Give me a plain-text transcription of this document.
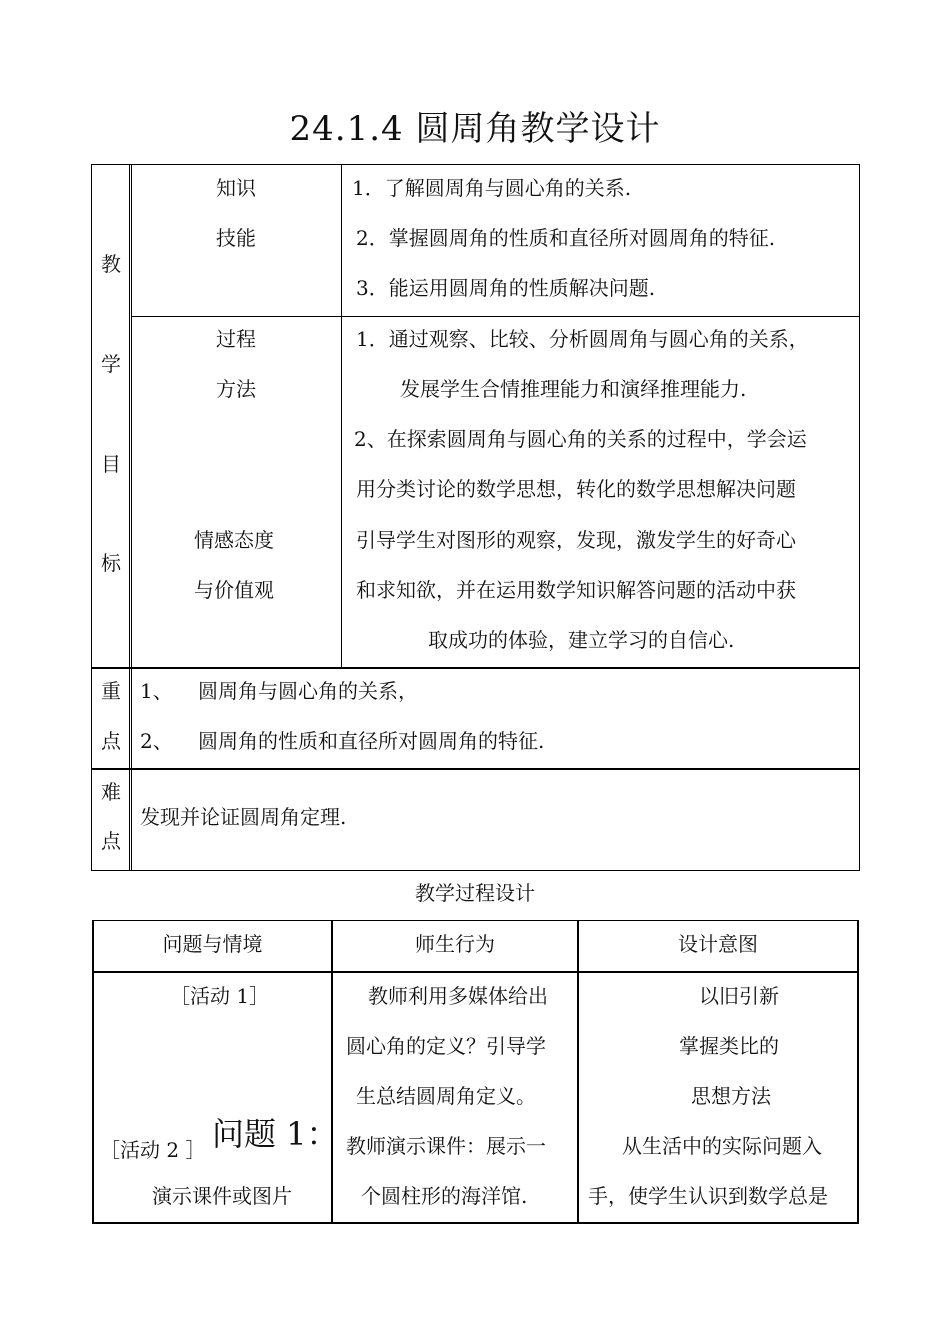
24.1.4 圆周角教学设计
教
学
目
标
知识
技能
1．了解圆周角与圆心角的关系.
2．掌握圆周角的性质和直径所对圆周角的特征.
3．能运用圆周角的性质解决问题.
过程
方法
1．通过观察、比较、分析圆周角与圆心角的关系，
发展学生合情推理能力和演绎推理能力.
2、在探索圆周角与圆心角的关系的过程中，学会运
用分类讨论的数学思想，转化的数学思想解决问题
情感态度
与价值观
引导学生对图形的观察，发现，激发学生的好奇心
和求知欲，并在运用数学知识解答问题的活动中获
取成功的体验，建立学习的自信心.
重
点
1、 圆周角与圆心角的关系，
2、 圆周角的性质和直径所对圆周角的特征.
难
点
发现并论证圆周角定理.
教学过程设计
问题与情境	师生行为	设计意图
［活动 1］
［活动 2 ］ 问题 1：
演示课件或图片
教师利用多媒体给出
圆心角的定义？引导学
生总结圆周角定义。
教师演示课件：展示一
个圆柱形的海洋馆.
以旧引新
掌握类比的
思想方法
从生活中的实际问题入
手，使学生认识到数学总是
